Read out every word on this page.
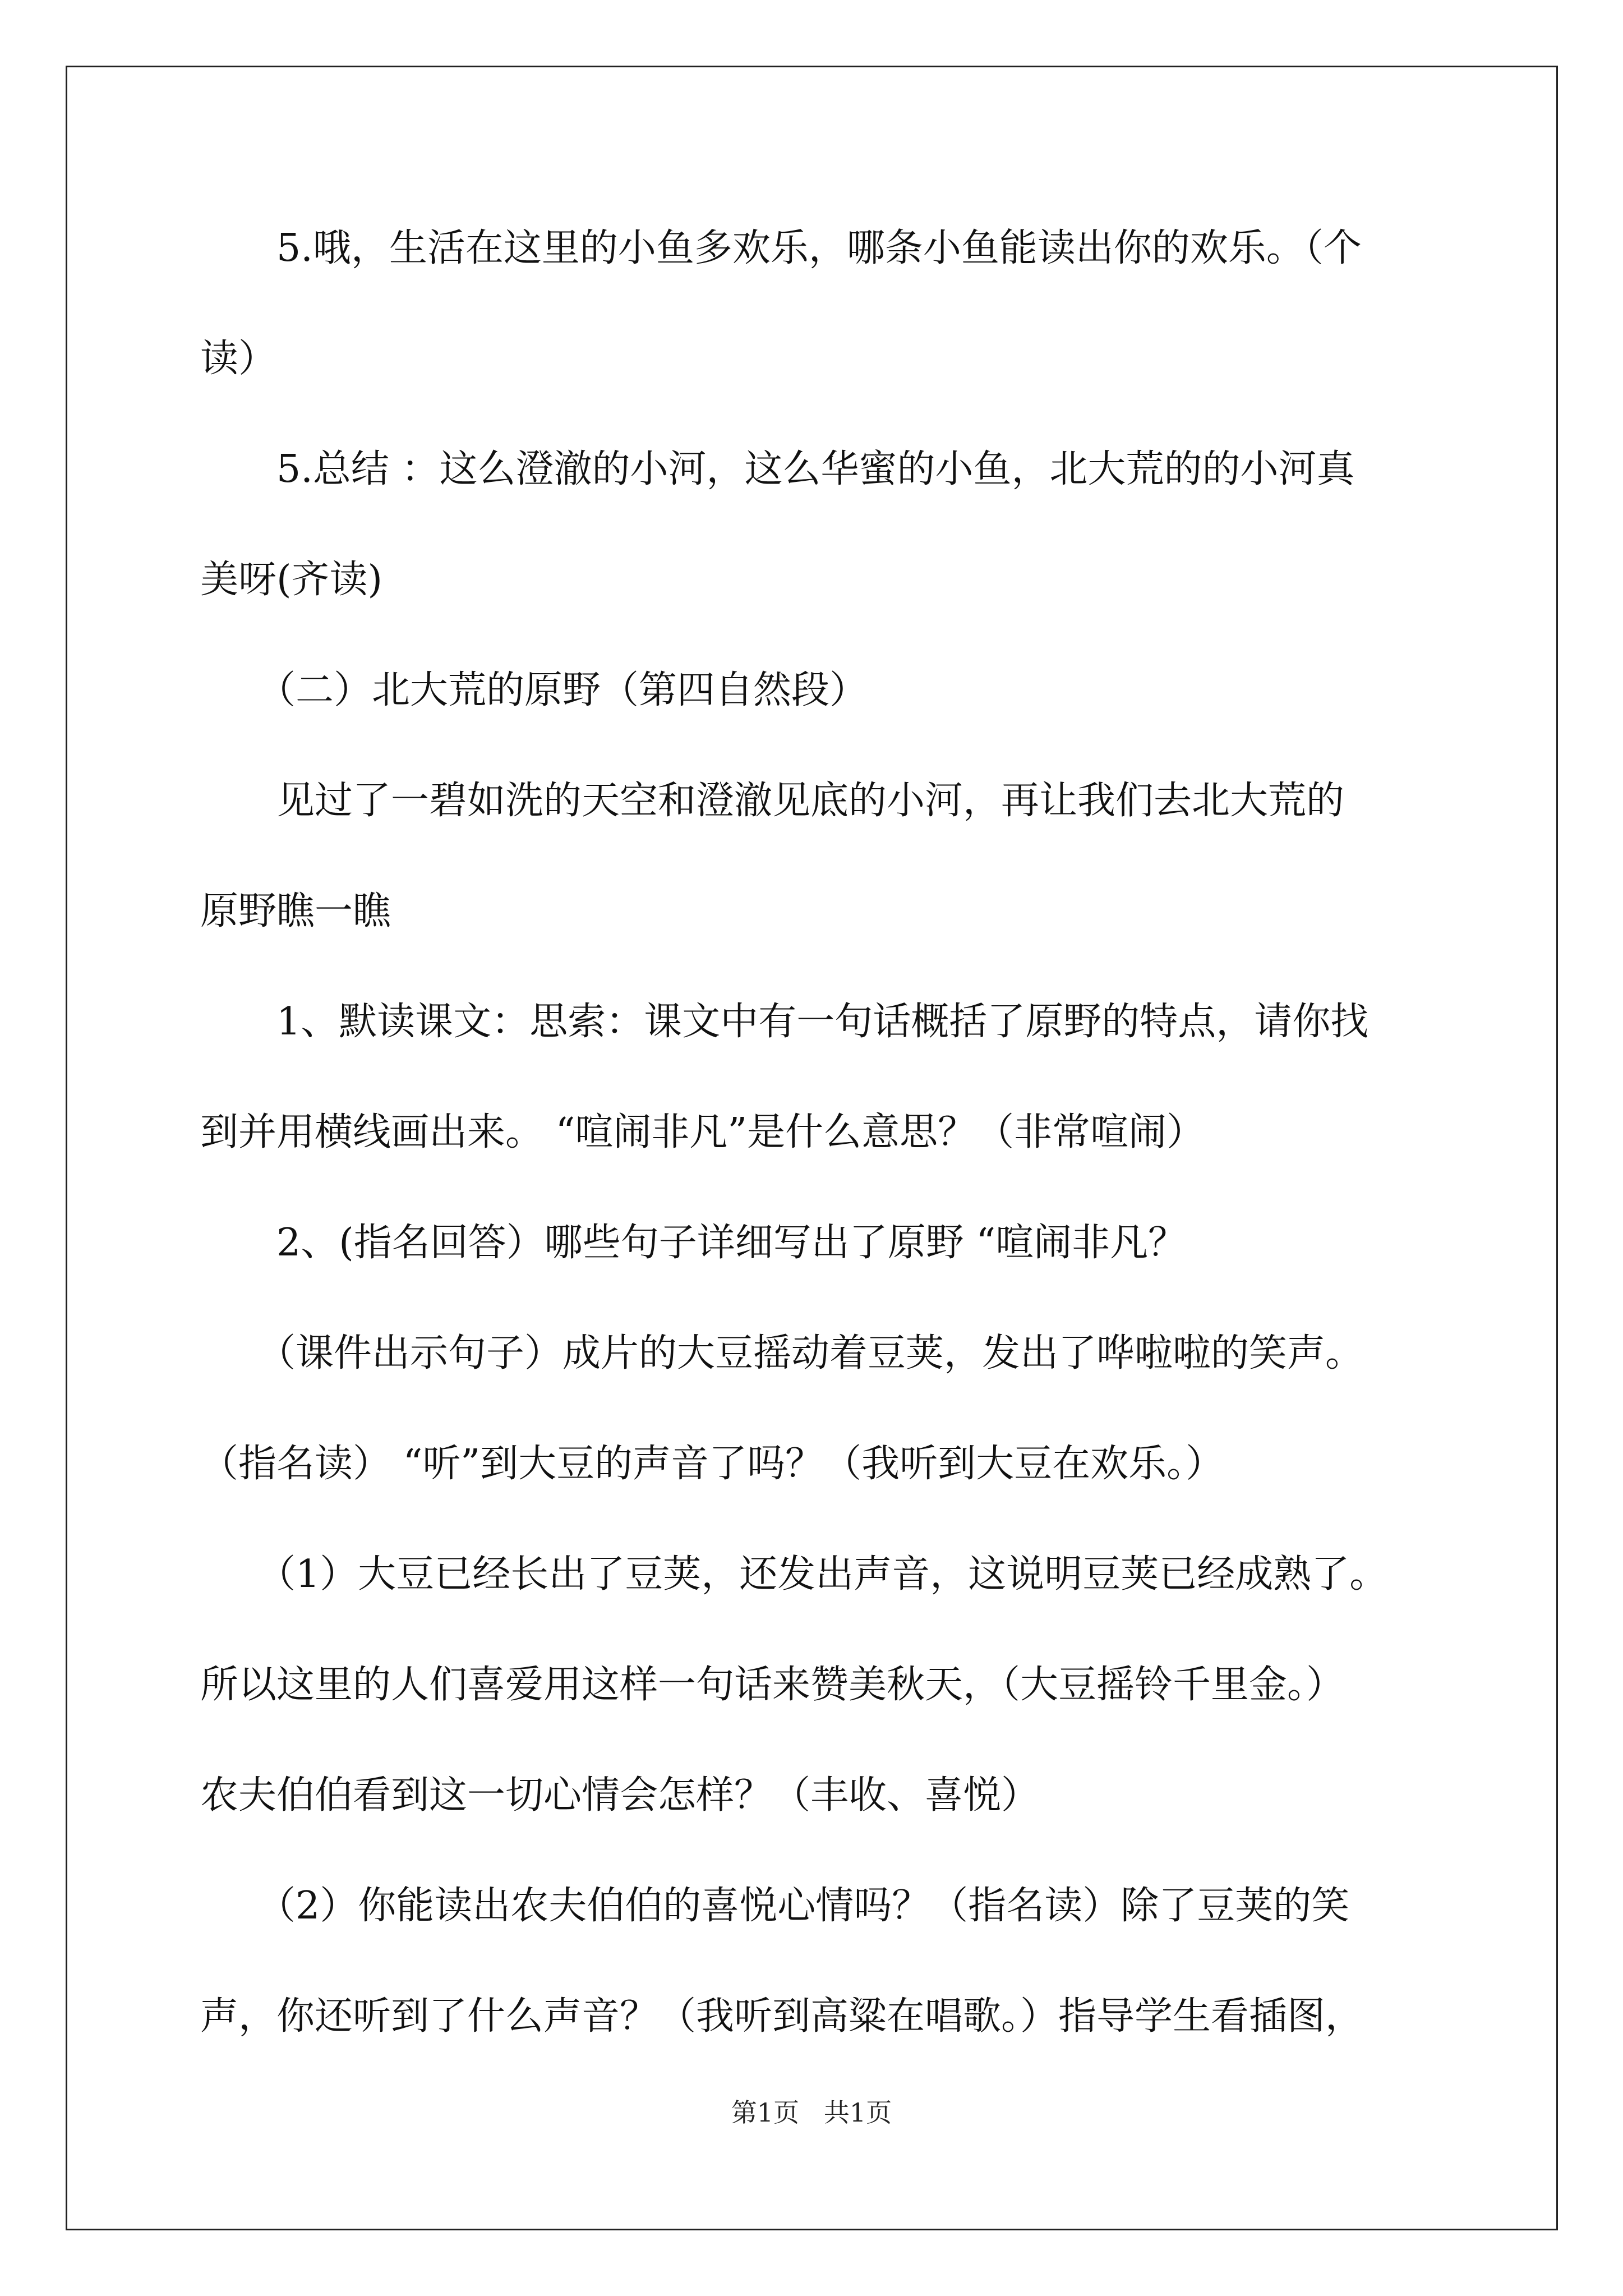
　　5.哦，生活在这里的小鱼多欢乐，哪条小鱼能读出你的欢乐。（个
读）
　　5.总结 ：这么澄澈的小河，这么华蜜的小鱼，北大荒的的小河真
美呀(齐读)
　　（二）北大荒的原野（第四自然段）
　　见过了一碧如洗的天空和澄澈见底的小河，再让我们去北大荒的
原野瞧一瞧
　　1、默读课文：思索：课文中有一句话概括了原野的特点，请你找
到并用横线画出来。 “喧闹非凡”是什么意思？（非常喧闹）
　　2、(指名回答）哪些句子详细写出了原野 “喧闹非凡？
　　（课件出示句子）成片的大豆摇动着豆荚，发出了哗啦啦的笑声。
（指名读） “听”到大豆的声音了吗？（我听到大豆在欢乐。）
　　（1）大豆已经长出了豆荚，还发出声音，这说明豆荚已经成熟了。
所以这里的人们喜爱用这样一句话来赞美秋天，（大豆摇铃千里金。）
农夫伯伯看到这一切心情会怎样？（丰收、喜悦）
　　（2）你能读出农夫伯伯的喜悦心情吗？（指名读）除了豆荚的笑
声，你还听到了什么声音？（我听到高粱在唱歌。）指导学生看插图，
第1页   共1页
